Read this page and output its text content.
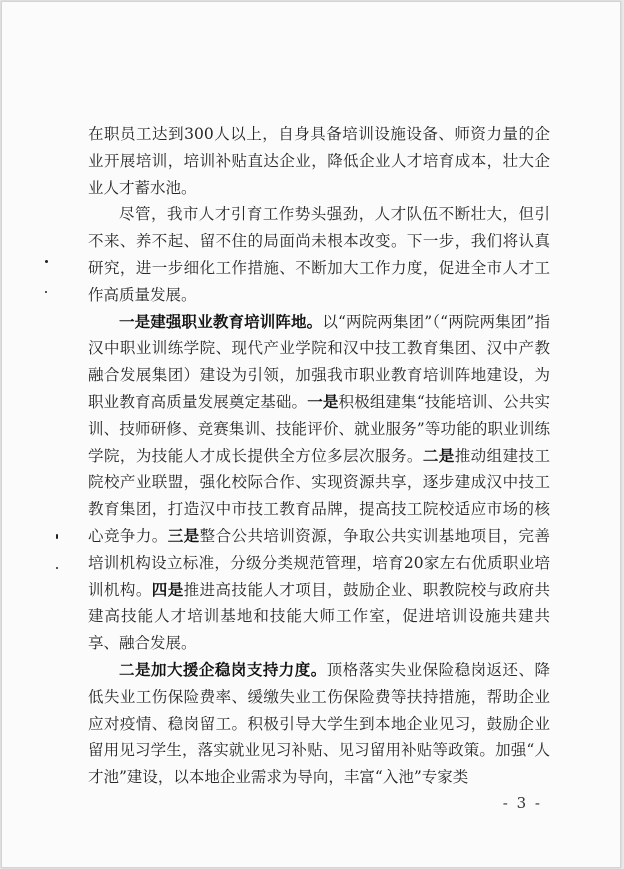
在职员工达到300人以上，自身具备培训设施设备、师资力量的企业开展培训，培训补贴直达企业，降低企业人才培育成本，壮大企业人才蓄水池。

尽管，我市人才引育工作势头强劲，人才队伍不断壮大，但引不来、养不起、留不住的局面尚未根本改变。下一步，我们将认真研究，进一步细化工作措施、不断加大工作力度，促进全市人才工作高质量发展。

一是建强职业教育培训阵地。以“两院两集团”（“两院两集团”指汉中职业训练学院、现代产业学院和汉中技工教育集团、汉中产教融合发展集团）建设为引领，加强我市职业教育培训阵地建设，为职业教育高质量发展奠定基础。一是积极组建集“技能培训、公共实训、技师研修、竞赛集训、技能评价、就业服务”等功能的职业训练学院，为技能人才成长提供全方位多层次服务。二是推动组建技工院校产业联盟，强化校际合作、实现资源共享，逐步建成汉中技工教育集团，打造汉中市技工教育品牌，提高技工院校适应市场的核心竞争力。三是整合公共培训资源，争取公共实训基地项目，完善培训机构设立标准，分级分类规范管理，培育20家左右优质职业培训机构。四是推进高技能人才项目，鼓励企业、职教院校与政府共建高技能人才培训基地和技能大师工作室，促进培训设施共建共享、融合发展。

二是加大援企稳岗支持力度。顶格落实失业保险稳岗返还、降低失业工伤保险费率、缓缴失业工伤保险费等扶持措施，帮助企业应对疫情、稳岗留工。积极引导大学生到本地企业见习，鼓励企业留用见习学生，落实就业见习补贴、见习留用补贴等政策。加强“人才池”建设，以本地企业需求为导向，丰富“入池”专家类

- 3 -
